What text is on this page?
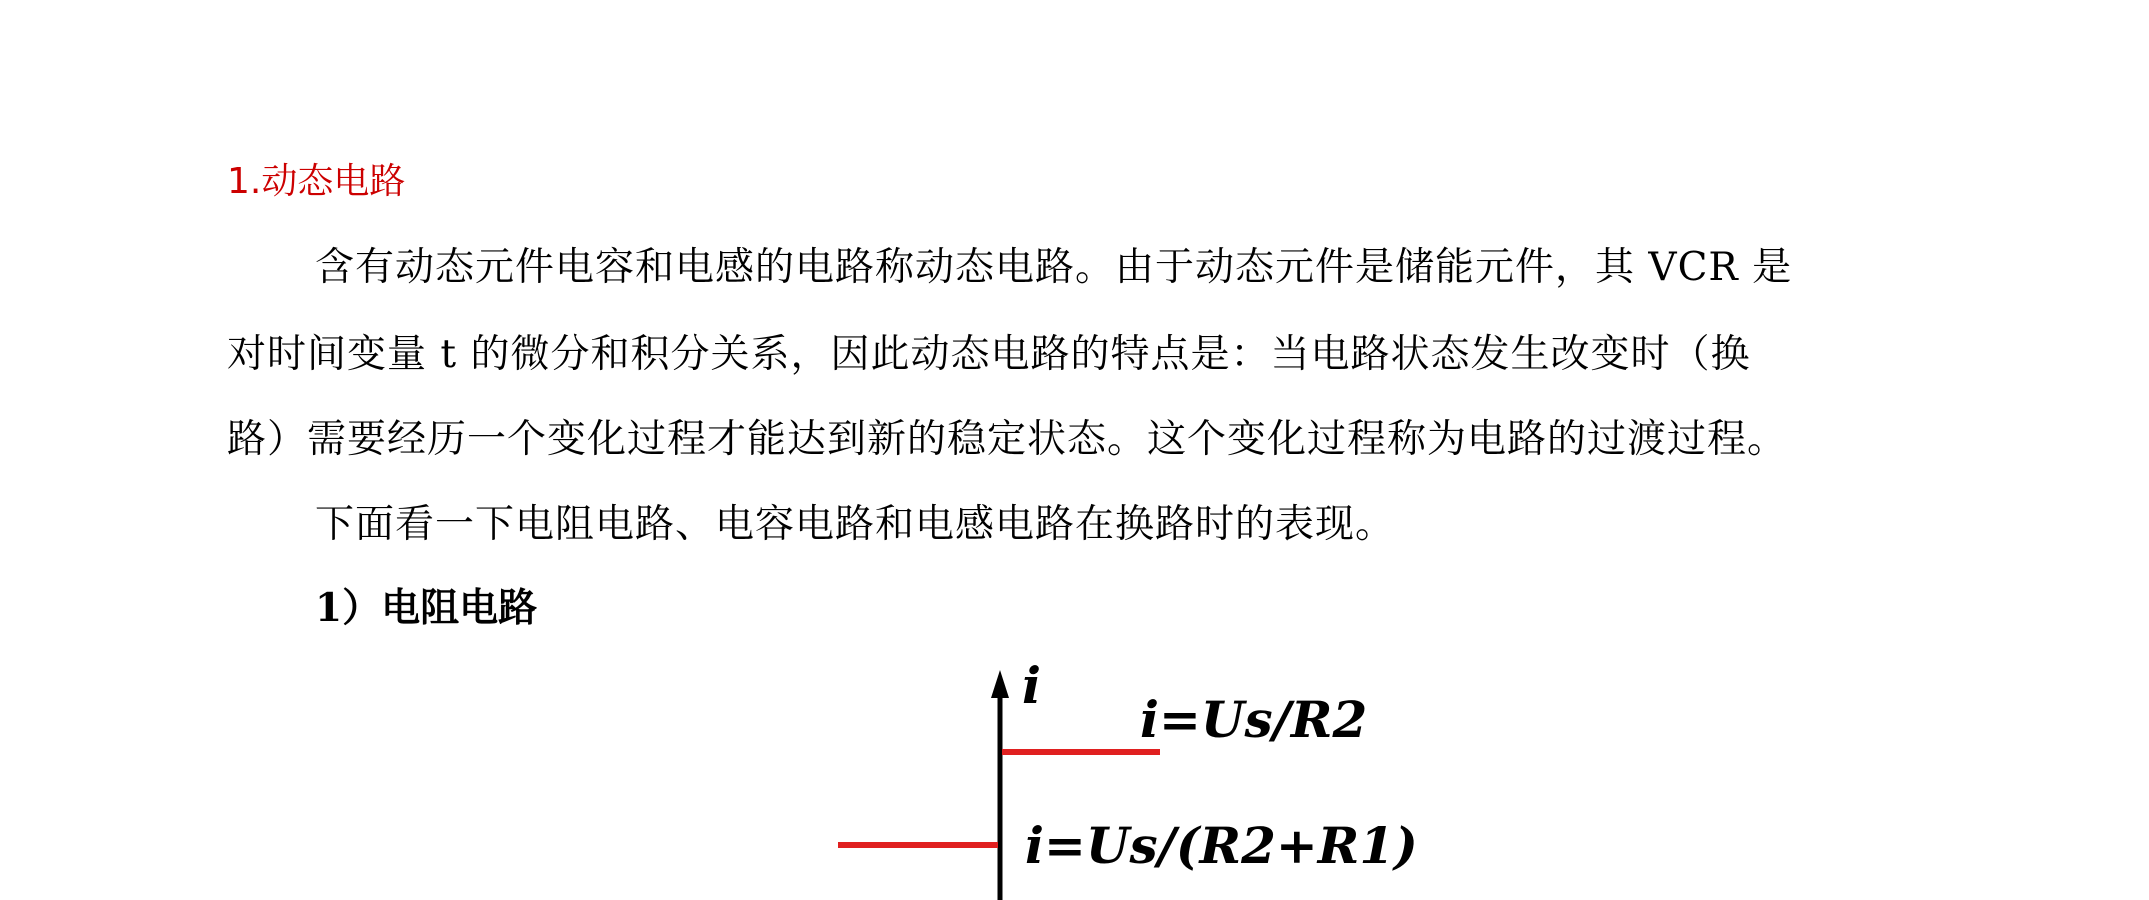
1.动态电路
含有动态元件电容和电感的电路称动态电路。由于动态元件是储能元件，其 VCR 是
对时间变量 t 的微分和积分关系，因此动态电路的特点是：当电路状态发生改变时（换
路）需要经历一个变化过程才能达到新的稳定状态。这个变化过程称为电路的过渡过程。
下面看一下电阻电路、电容电路和电感电路在换路时的表现。
1）电阻电路
i
i=Us/R2
i=Us/(R2+R1)
